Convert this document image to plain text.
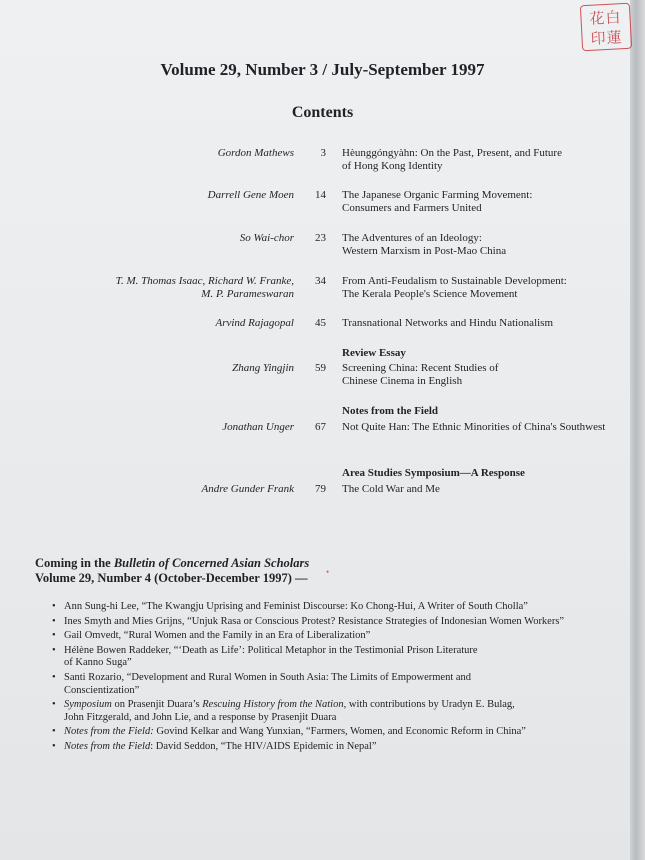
花白
印蓮
Volume 29, Number 3 / July-September 1997
Contents
Gordon Mathews	3 Hèunggóngyàhn: On the Past, Present, and Future
of Hong Kong Identity
Darrell Gene Moen	14 The Japanese Organic Farming Movement:
Consumers and Farmers United
So Wai-chor	23 The Adventures of an Ideology:
Western Marxism in Post-Mao China
T. M. Thomas Isaac, Richard W. Franke,
M. P. Parameswaran
34 From Anti-Feudalism to Sustainable Development:
The Kerala People's Science Movement
Arvind Rajagopal	45 Transnational Networks and Hindu Nationalism
Review Essay
Zhang Yingjin	59 Screening China: Recent Studies of
Chinese Cinema in English
Notes from the Field
Jonathan Unger	67 Not Quite Han: The Ethnic Minorities of China's Southwest
Area Studies Symposium—A Response
Andre Gunder Frank	79 The Cold War and Me
Coming in the Bulletin of Concerned Asian Scholars
Volume 29, Number 4 (October-December 1997) — •
• Ann Sung-hi Lee, “The Kwangju Uprising and Feminist Discourse: Ko Chong-Hui, A Writer of South Cholla”
• Ines Smyth and Mies Grijns, “Unjuk Rasa or Conscious Protest? Resistance Strategies of Indonesian Women Workers”
• Gail Omvedt, “Rural Women and the Family in an Era of Liberalization”
• Hélène Bowen Raddeker, “‘Death as Life’: Political Metaphor in the Testimonial Prison Literature
of Kanno Suga”
• Santi Rozario, “Development and Rural Women in South Asia: The Limits of Empowerment and
Conscientization”
• Symposium on Prasenjit Duara’s Rescuing History from the Nation, with contributions by Uradyn E. Bulag,
John Fitzgerald, and John Lie, and a response by Prasenjit Duara
• Notes from the Field: Govind Kelkar and Wang Yunxian, “Farmers, Women, and Economic Reform in China”
• Notes from the Field: David Seddon, “The HIV/AIDS Epidemic in Nepal”
